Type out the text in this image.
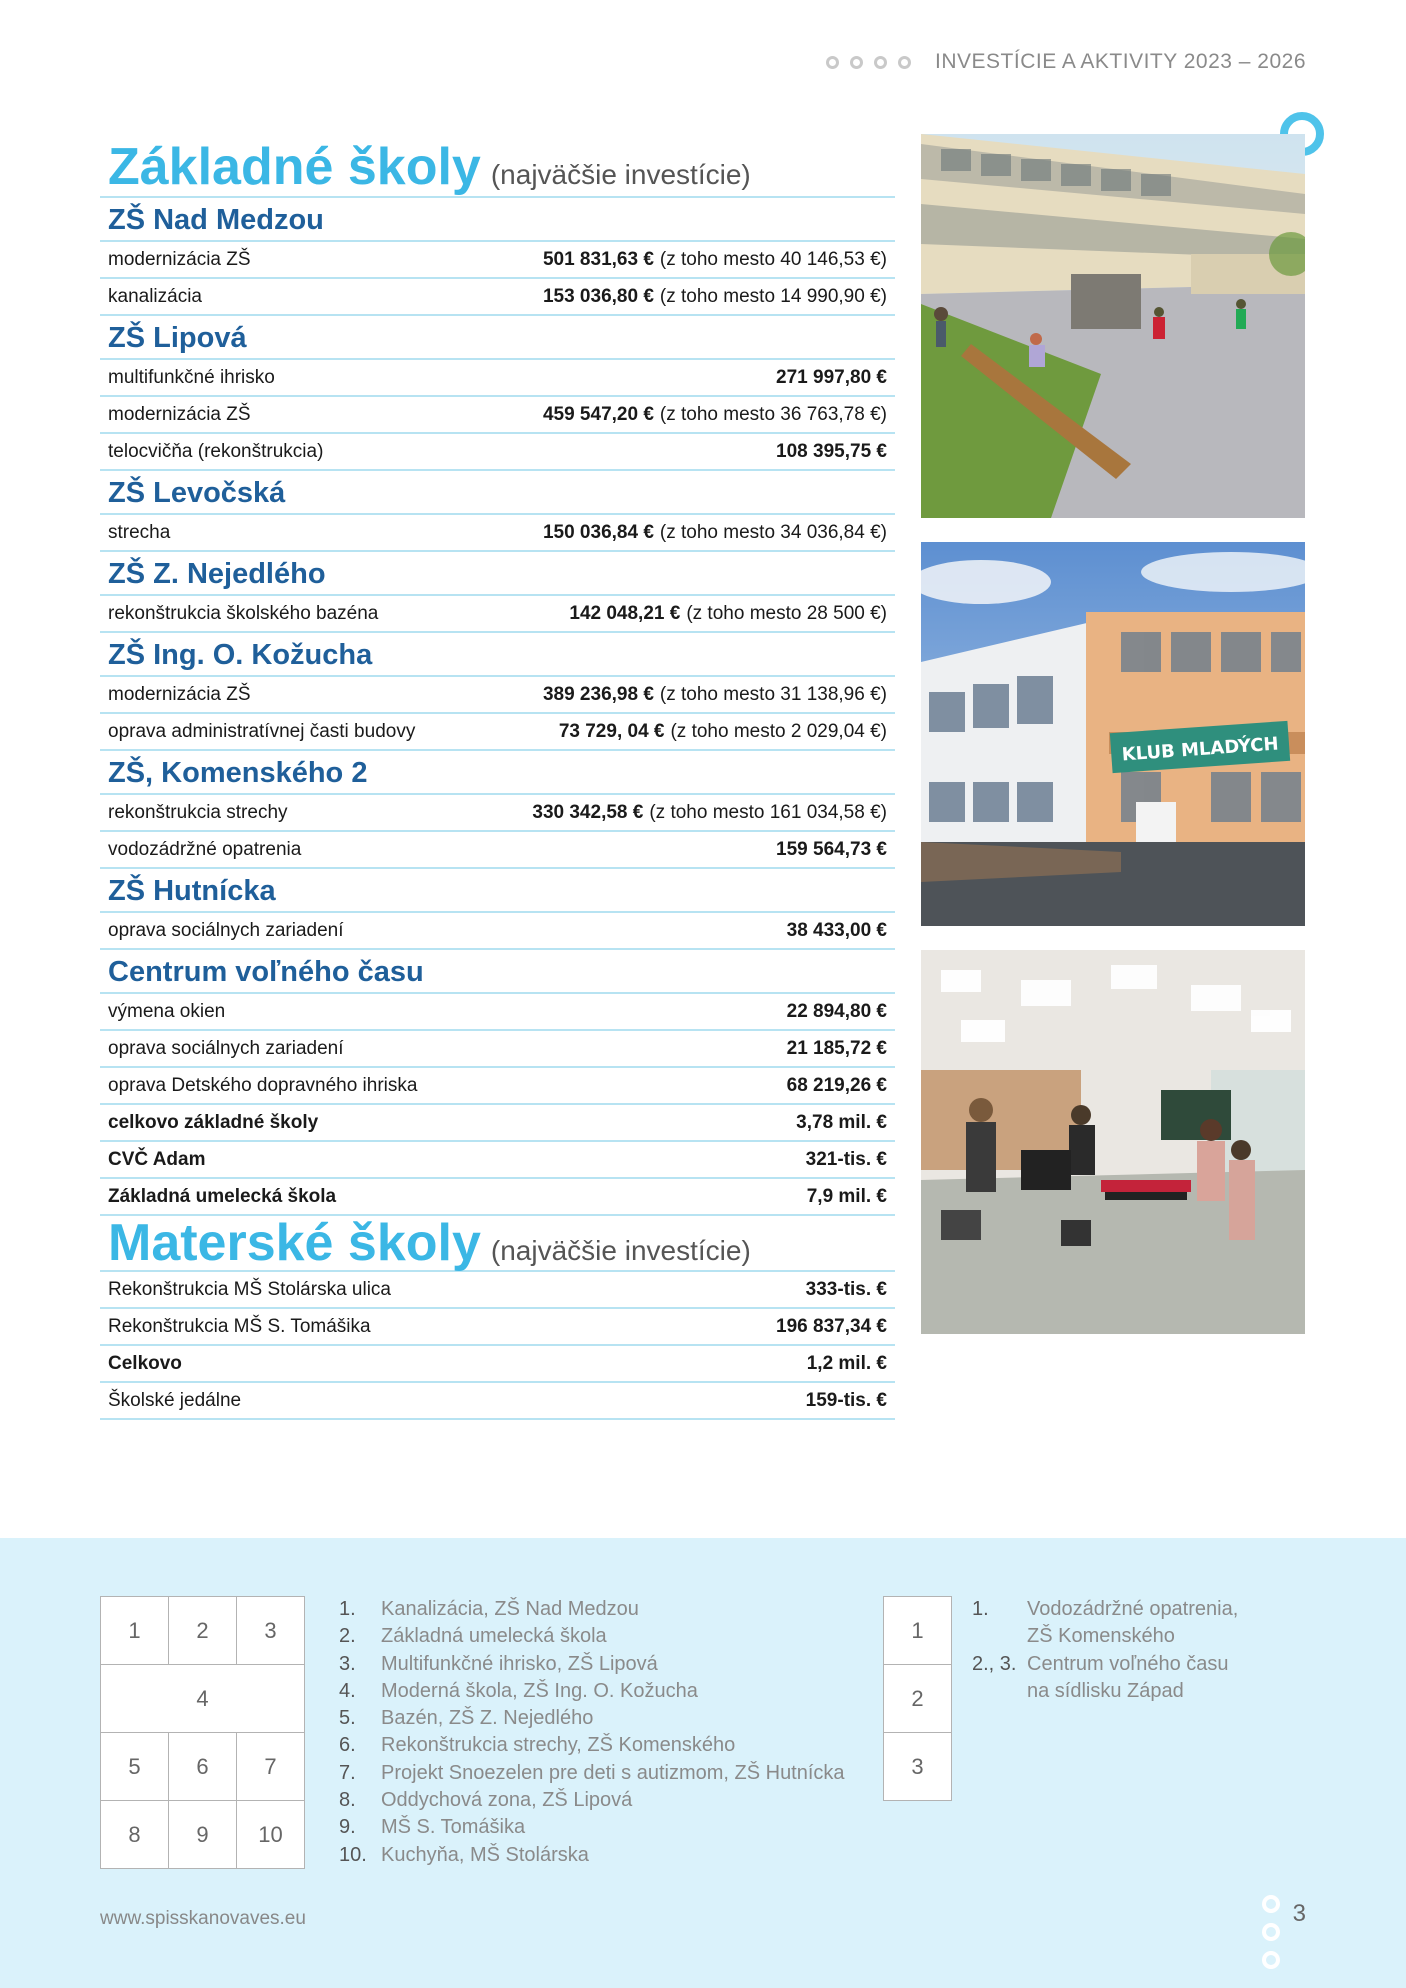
INVESTÍCIE A AKTIVITY 2023 – 2026
Základné školy (najväčšie investície)
ZŠ Nad Medzou
modernizácia ZŠ	501 831,63 € (z toho mesto 40 146,53 €)
kanalizácia	153 036,80 € (z toho mesto 14 990,90 €)
ZŠ Lipová
multifunkčné ihrisko	271 997,80 €
modernizácia ZŠ	459 547,20 € (z toho mesto 36 763,78 €)
telocvičňa (rekonštrukcia)	108 395,75 €
ZŠ Levočská
strecha	150 036,84 € (z toho mesto 34 036,84 €)
ZŠ Z. Nejedlého
rekonštrukcia školského bazéna	142 048,21 € (z toho mesto 28 500 €)
ZŠ Ing. O. Kožucha
modernizácia ZŠ	389 236,98 € (z toho mesto 31 138,96 €)
oprava administratívnej časti budovy	73 729, 04 € (z toho mesto 2 029,04 €)
ZŠ, Komenského 2
rekonštrukcia strechy	330 342,58 € (z toho mesto 161 034,58 €)
vodozádržné opatrenia	159 564,73 €
ZŠ Hutnícka
oprava sociálnych zariadení	38 433,00 €
Centrum voľného času
výmena okien	22 894,80 €
oprava sociálnych zariadení	21 185,72 €
oprava Detského dopravného ihriska	68 219,26 €
celkovo základné školy	3,78 mil. €
CVČ Adam	321-tis. €
Základná umelecká škola	7,9 mil. €
Materské školy (najväčšie investície)
Rekonštrukcia MŠ Stolárska ulica	333-tis. €
Rekonštrukcia MŠ S. Tomášika	196 837,34 €
Celkovo	1,2 mil. €
Školské jedálne	159-tis. €
KLUB MLADÝCH
1	2	3
4
5	6	7
8	9	10
1.	Kanalizácia, ZŠ Nad Medzou
2.	Základná umelecká škola
3.	Multifunkčné ihrisko, ZŠ Lipová
4.	Moderná škola, ZŠ Ing. O. Kožucha
5.	Bazén, ZŠ Z. Nejedlého
6.	Rekonštrukcia strechy, ZŠ Komenského
7.	Projekt Snoezelen pre deti s autizmom, ZŠ Hutnícka
8.	Oddychová zona, ZŠ Lipová
9.	MŠ S. Tomášika
10. Kuchyňa, MŠ Stolárska
1
2
3
1.	Vodozádržné opatrenia,
ZŠ Komenského
2., 3. Centrum voľného času
na sídlisku Západ
www.spisskanovaves.eu	3
